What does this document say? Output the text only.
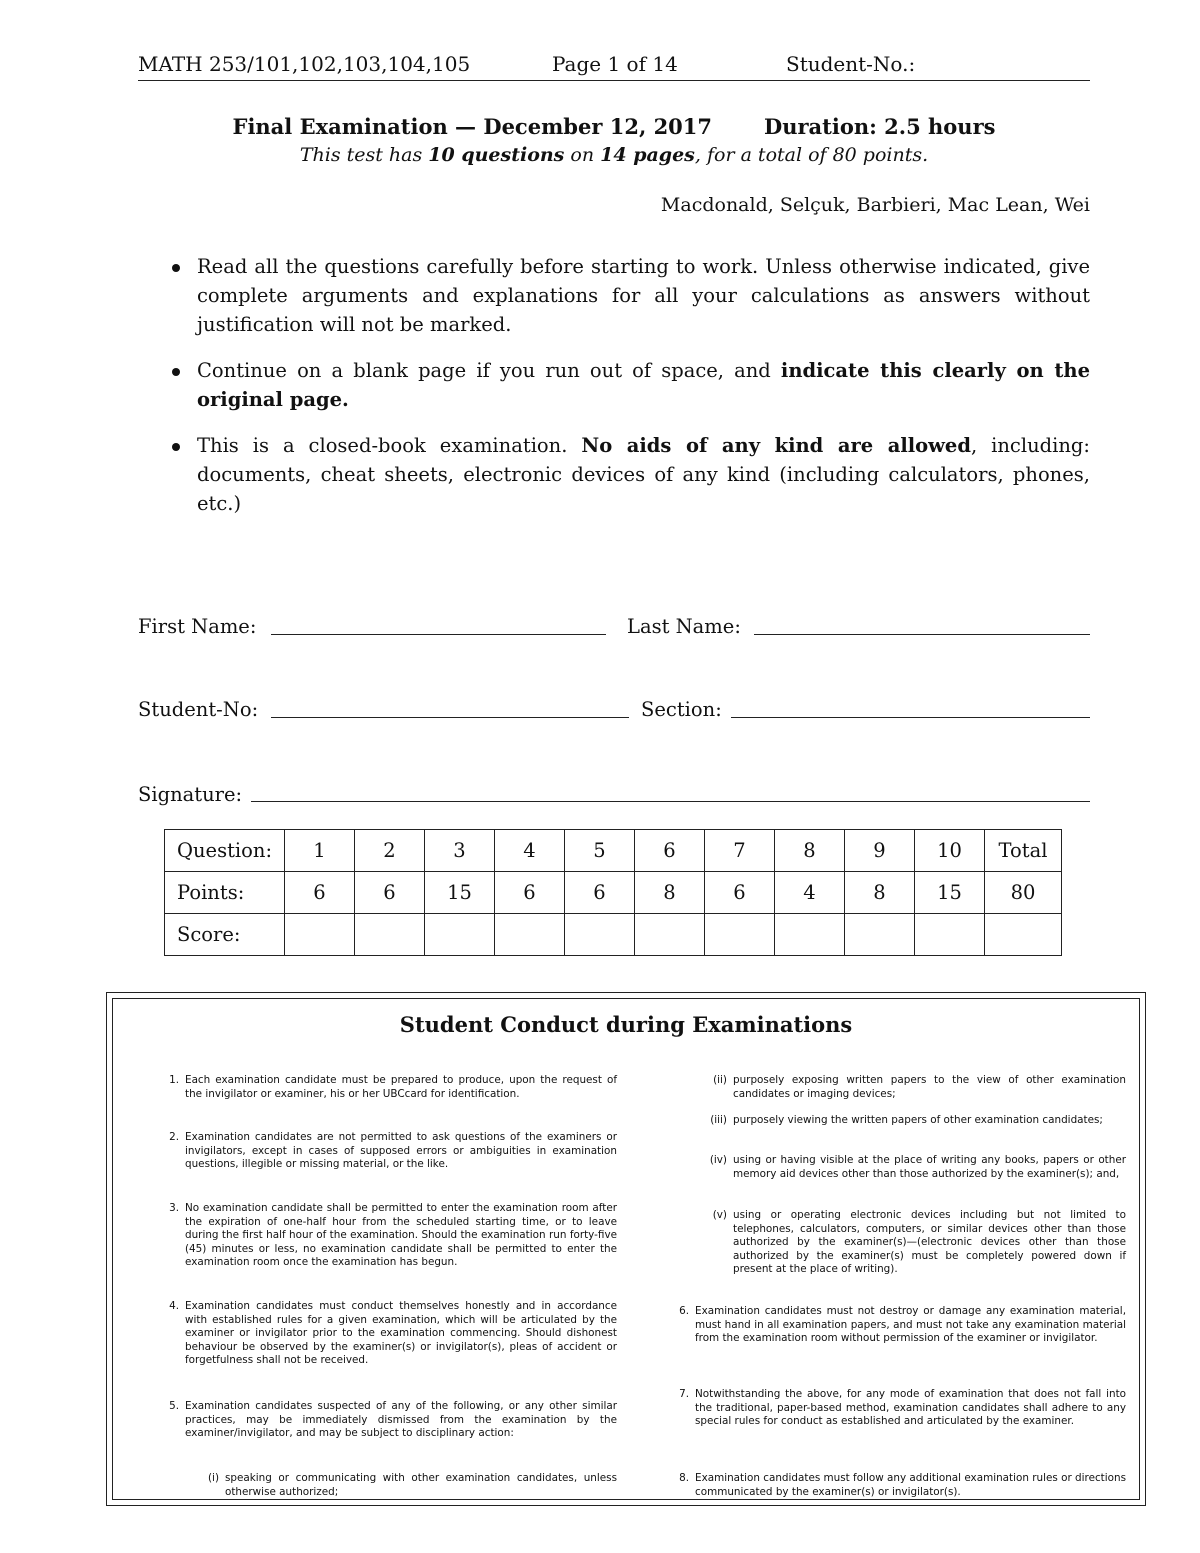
MATH 253/101,102,103,104,105	Page 1 of 14	Student-No.:
Final Examination — December 12, 2017 Duration: 2.5 hours
This test has 10 questions on 14 pages, for a total of 80 points.
Macdonald, Selçuk, Barbieri, Mac Lean, Wei
Read all the questions carefully before starting to work. Unless otherwise indicated, give complete arguments and explanations for all your calculations as answers without justification will not be marked.
Continue on a blank page if you run out of space, and indicate this clearly on the original page.
This is a closed-book examination. No aids of any kind are allowed, including: documents, cheat sheets, electronic devices of any kind (including calculators, phones, etc.)
First Name:	Last Name:
Student-No:	Section:
Signature:
Question:	1	2	3	4	5	6	7	8	9	10	Total
Points:	6	6	15	6	6	8	6	4	8	15	80
Score:											
Student Conduct during Examinations
1. Each examination candidate must be prepared to produce, upon the request of the invigilator or examiner, his or her UBCcard for identification.
2. Examination candidates are not permitted to ask questions of the examiners or invigilators, except in cases of supposed errors or ambiguities in examination questions, illegible or missing material, or the like.
3. No examination candidate shall be permitted to enter the examination room after the expiration of one-half hour from the scheduled starting time, or to leave during the first half hour of the examination. Should the examination run forty-five (45) minutes or less, no examination candidate shall be permitted to enter the examination room once the examination has begun.
4. Examination candidates must conduct themselves honestly and in accordance with established rules for a given examination, which will be articulated by the examiner or invigilator prior to the examination commencing. Should dishonest behaviour be observed by the examiner(s) or invigilator(s), pleas of accident or forgetfulness shall not be received.
5. Examination candidates suspected of any of the following, or any other similar practices, may be immediately dismissed from the examination by the examiner/invigilator, and may be subject to disciplinary action:
(i) speaking or communicating with other examination candidates, unless otherwise authorized;
(ii) purposely exposing written papers to the view of other examination candidates or imaging devices;
(iii) purposely viewing the written papers of other examination candidates;
(iv) using or having visible at the place of writing any books, papers or other memory aid devices other than those authorized by the examiner(s); and,
(v) using or operating electronic devices including but not limited to telephones, calculators, computers, or similar devices other than those authorized by the examiner(s)—(electronic devices other than those authorized by the examiner(s) must be completely powered down if present at the place of writing).
6. Examination candidates must not destroy or damage any examination material, must hand in all examination papers, and must not take any examination material from the examination room without permission of the examiner or invigilator.
7. Notwithstanding the above, for any mode of examination that does not fall into the traditional, paper-based method, examination candidates shall adhere to any special rules for conduct as established and articulated by the examiner.
8. Examination candidates must follow any additional examination rules or directions communicated by the examiner(s) or invigilator(s).
